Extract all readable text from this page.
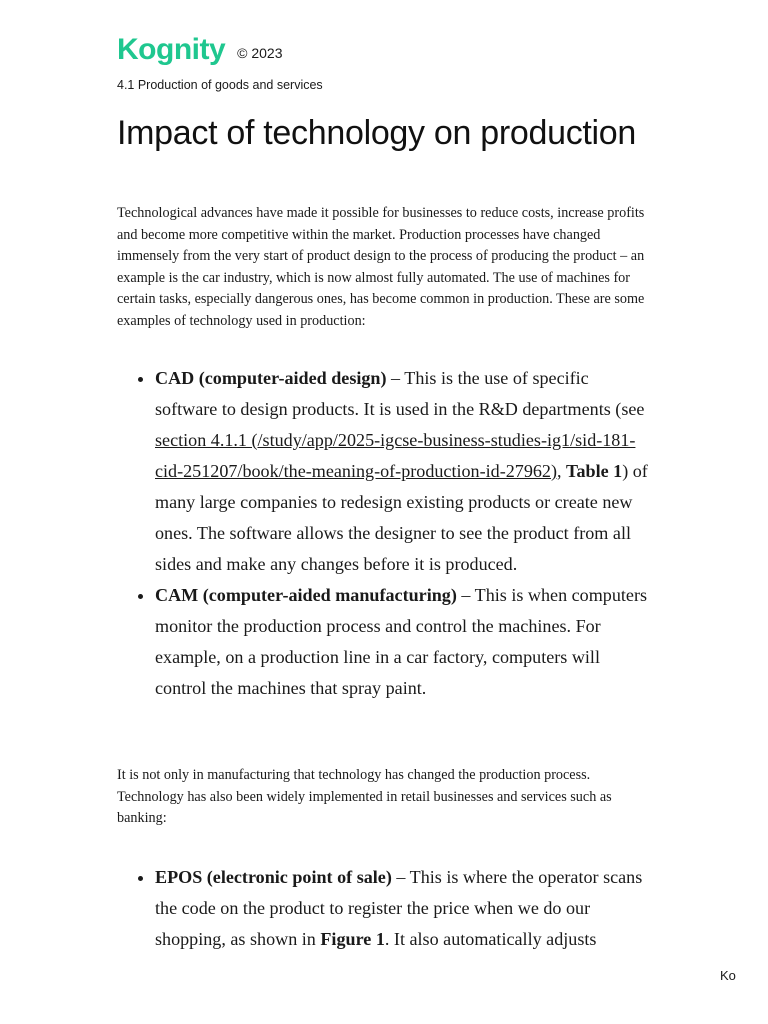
Kognity © 2023
4.1 Production of goods and services
Impact of technology on production

Technological advances have made it possible for businesses to reduce costs, increase profits and become more competitive within the market. Production processes have changed immensely from the very start of product design to the process of producing the product – an example is the car industry, which is now almost fully automated. The use of machines for certain tasks, especially dangerous ones, has become common in production. These are some examples of technology used in production:

• CAD (computer-aided design) – This is the use of specific software to design products. It is used in the R&D departments (see section 4.1.1 (/study/app/2025-igcse-business-studies-ig1/sid-181-cid-251207/book/the-meaning-of-production-id-27962), Table 1) of many large companies to redesign existing products or create new ones. The software allows the designer to see the product from all sides and make any changes before it is produced.
• CAM (computer-aided manufacturing) – This is when computers monitor the production process and control the machines. For example, on a production line in a car factory, computers will control the machines that spray paint.

It is not only in manufacturing that technology has changed the production process. Technology has also been widely implemented in retail businesses and services such as banking:

• EPOS (electronic point of sale) – This is where the operator scans the code on the product to register the price when we do our shopping, as shown in Figure 1. It also automatically adjusts
Ko
